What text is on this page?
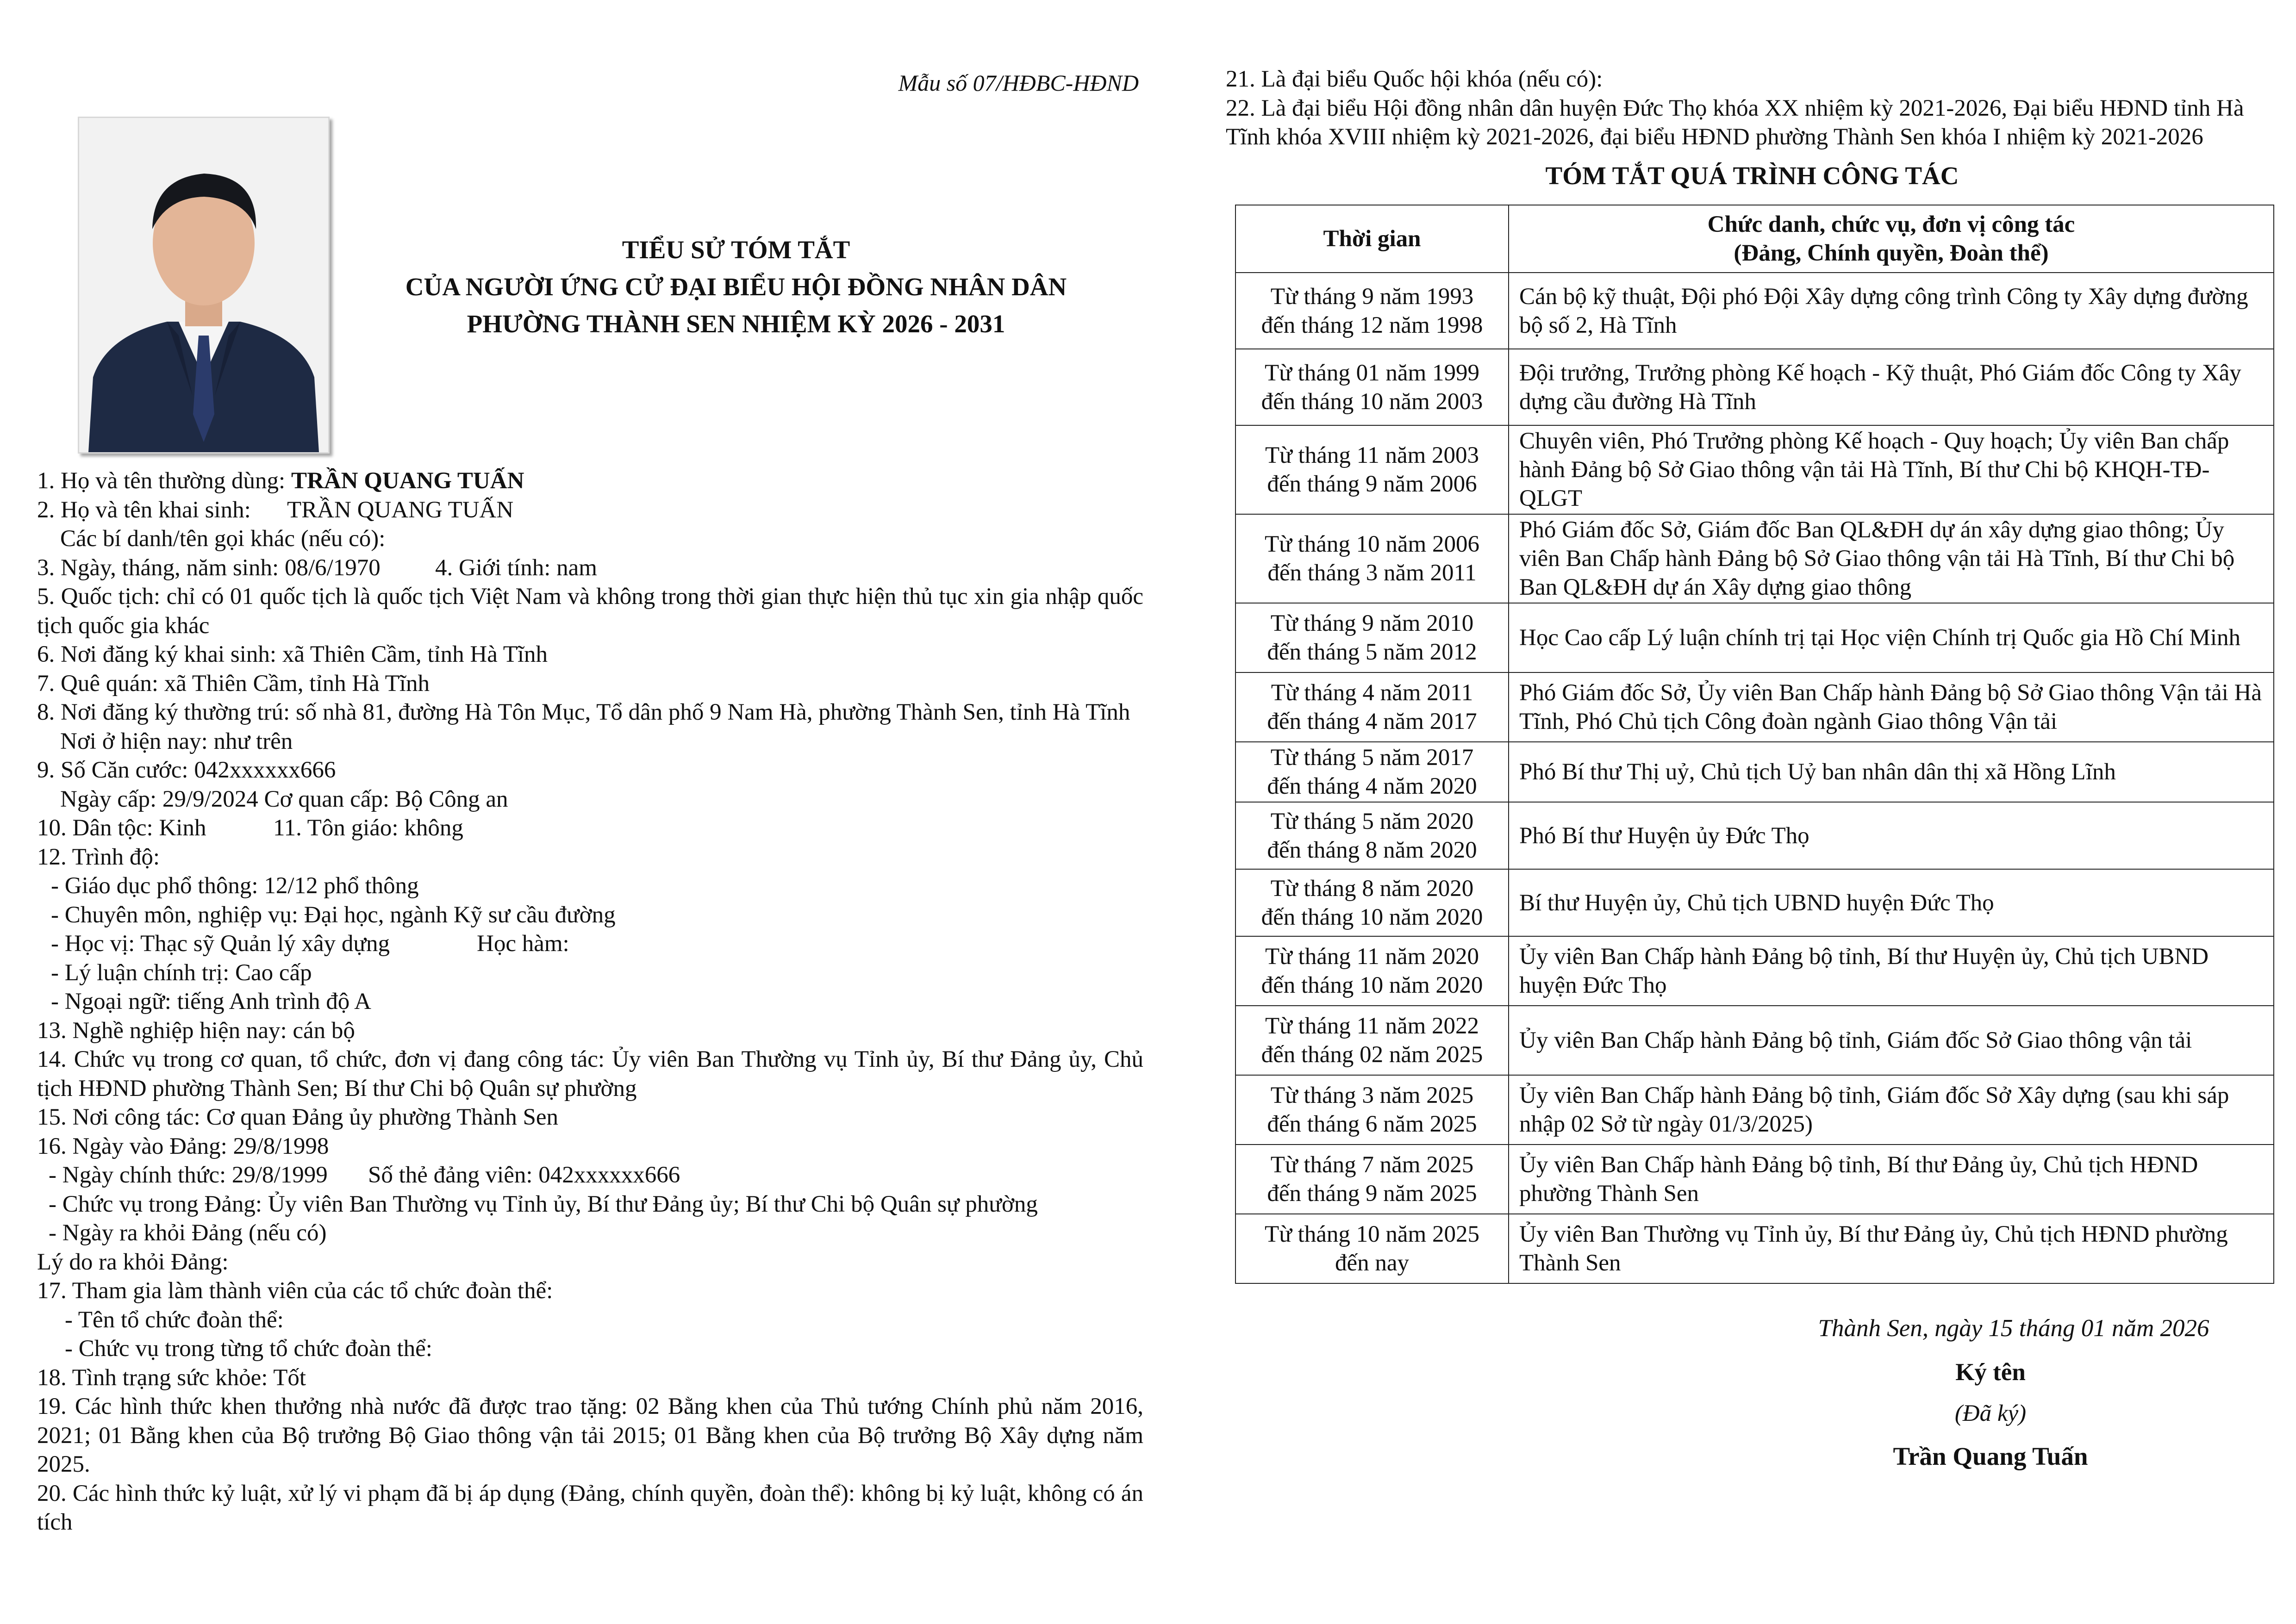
Mẫu số 07/HĐBC-HĐND
TIỂU SỬ TÓM TẮT
CỦA NGƯỜI ỨNG CỬ ĐẠI BIỂU HỘI ĐỒNG NHÂN DÂN
PHƯỜNG THÀNH SEN NHIỆM KỲ 2026 - 2031
1. Họ và tên thường dùng: TRẦN QUANG TUẤN
2. Họ và tên khai sinh: TRẦN QUANG TUẤN
Các bí danh/tên gọi khác (nếu có):
3. Ngày, tháng, năm sinh: 08/6/1970 4. Giới tính: nam
5. Quốc tịch: chỉ có 01 quốc tịch là quốc tịch Việt Nam và không trong thời gian thực hiện thủ tục xin gia nhập quốc tịch quốc gia khác
6. Nơi đăng ký khai sinh: xã Thiên Cầm, tỉnh Hà Tĩnh
7. Quê quán: xã Thiên Cầm, tỉnh Hà Tĩnh
8. Nơi đăng ký thường trú: số nhà 81, đường Hà Tôn Mục, Tổ dân phố 9 Nam Hà, phường Thành Sen, tỉnh Hà Tĩnh
Nơi ở hiện nay: như trên
9. Số Căn cước: 042xxxxxx666
Ngày cấp: 29/9/2024 Cơ quan cấp: Bộ Công an
10. Dân tộc: Kinh	11. Tôn giáo: không
12. Trình độ:
- Giáo dục phổ thông: 12/12 phổ thông
- Chuyên môn, nghiệp vụ: Đại học, ngành Kỹ sư cầu đường
- Học vị: Thạc sỹ Quản lý xây dựng	Học hàm:
- Lý luận chính trị: Cao cấp
- Ngoại ngữ: tiếng Anh trình độ A
13. Nghề nghiệp hiện nay: cán bộ
14. Chức vụ trong cơ quan, tổ chức, đơn vị đang công tác: Ủy viên Ban Thường vụ Tỉnh ủy, Bí thư Đảng ủy, Chủ tịch HĐND phường Thành Sen; Bí thư Chi bộ Quân sự phường
15. Nơi công tác: Cơ quan Đảng ủy phường Thành Sen
16. Ngày vào Đảng: 29/8/1998
- Ngày chính thức: 29/8/1999 Số thẻ đảng viên: 042xxxxxx666
- Chức vụ trong Đảng: Ủy viên Ban Thường vụ Tỉnh ủy, Bí thư Đảng ủy; Bí thư Chi bộ Quân sự phường
- Ngày ra khỏi Đảng (nếu có)
Lý do ra khỏi Đảng:
17. Tham gia làm thành viên của các tổ chức đoàn thể:
- Tên tổ chức đoàn thể:
- Chức vụ trong từng tổ chức đoàn thể:
18. Tình trạng sức khỏe: Tốt
19. Các hình thức khen thưởng nhà nước đã được trao tặng: 02 Bằng khen của Thủ tướng Chính phủ năm 2016, 2021; 01 Bằng khen của Bộ trưởng Bộ Giao thông vận tải 2015; 01 Bằng khen của Bộ trưởng Bộ Xây dựng năm 2025.
20. Các hình thức kỷ luật, xử lý vi phạm đã bị áp dụng (Đảng, chính quyền, đoàn thể): không bị kỷ luật, không có án tích
21. Là đại biểu Quốc hội khóa (nếu có):
22. Là đại biểu Hội đồng nhân dân huyện Đức Thọ khóa XX nhiệm kỳ 2021-2026, Đại biểu HĐND tỉnh Hà Tĩnh khóa XVIII nhiệm kỳ 2021-2026, đại biểu HĐND phường Thành Sen khóa I nhiệm kỳ 2021-2026
TÓM TẮT QUÁ TRÌNH CÔNG TÁC
Thời gian	Chức danh, chức vụ, đơn vị công tác
(Đảng, Chính quyền, Đoàn thể)

Từ tháng 9 năm 1993
đến tháng 12 năm 1998	Cán bộ kỹ thuật, Đội phó Đội Xây dựng công trình Công ty Xây dựng đường bộ số 2, Hà Tĩnh

Từ tháng 01 năm 1999
đến tháng 10 năm 2003	Đội trưởng, Trưởng phòng Kế hoạch - Kỹ thuật, Phó Giám đốc Công ty Xây dựng cầu đường Hà Tĩnh

Từ tháng 11 năm 2003
đến tháng 9 năm 2006	Chuyên viên, Phó Trưởng phòng Kế hoạch - Quy hoạch; Ủy viên Ban chấp hành Đảng bộ Sở Giao thông vận tải Hà Tĩnh, Bí thư Chi bộ KHQH-TĐ-QLGT

Từ tháng 10 năm 2006
đến tháng 3 năm 2011	Phó Giám đốc Sở, Giám đốc Ban QL&ĐH dự án xây dựng giao thông; Ủy viên Ban Chấp hành Đảng bộ Sở Giao thông vận tải Hà Tĩnh, Bí thư Chi bộ Ban QL&ĐH dự án Xây dựng giao thông

Từ tháng 9 năm 2010
đến tháng 5 năm 2012	Học Cao cấp Lý luận chính trị tại Học viện Chính trị Quốc gia Hồ Chí Minh

Từ tháng 4 năm 2011
đến tháng 4 năm 2017	Phó Giám đốc Sở, Ủy viên Ban Chấp hành Đảng bộ Sở Giao thông Vận tải Hà Tĩnh, Phó Chủ tịch Công đoàn ngành Giao thông Vận tải

Từ tháng 5 năm 2017
đến tháng 4 năm 2020	Phó Bí thư Thị uỷ, Chủ tịch Uỷ ban nhân dân thị xã Hồng Lĩnh

Từ tháng 5 năm 2020
đến tháng 8 năm 2020	Phó Bí thư Huyện ủy Đức Thọ

Từ tháng 8 năm 2020
đến tháng 10 năm 2020	Bí thư Huyện ủy, Chủ tịch UBND huyện Đức Thọ

Từ tháng 11 năm 2020
đến tháng 10 năm 2020	Ủy viên Ban Chấp hành Đảng bộ tỉnh, Bí thư Huyện ủy, Chủ tịch UBND huyện Đức Thọ

Từ tháng 11 năm 2022
đến tháng 02 năm 2025	Ủy viên Ban Chấp hành Đảng bộ tỉnh, Giám đốc Sở Giao thông vận tải

Từ tháng 3 năm 2025
đến tháng 6 năm 2025	Ủy viên Ban Chấp hành Đảng bộ tỉnh, Giám đốc Sở Xây dựng (sau khi sáp nhập 02 Sở từ ngày 01/3/2025)

Từ tháng 7 năm 2025
đến tháng 9 năm 2025	Ủy viên Ban Chấp hành Đảng bộ tỉnh, Bí thư Đảng ủy, Chủ tịch HĐND phường Thành Sen

Từ tháng 10 năm 2025
đến nay	Ủy viên Ban Thường vụ Tỉnh ủy, Bí thư Đảng ủy, Chủ tịch HĐND phường Thành Sen
Thành Sen, ngày 15 tháng 01 năm 2026
Ký tên
(Đã ký)
Trần Quang Tuấn
